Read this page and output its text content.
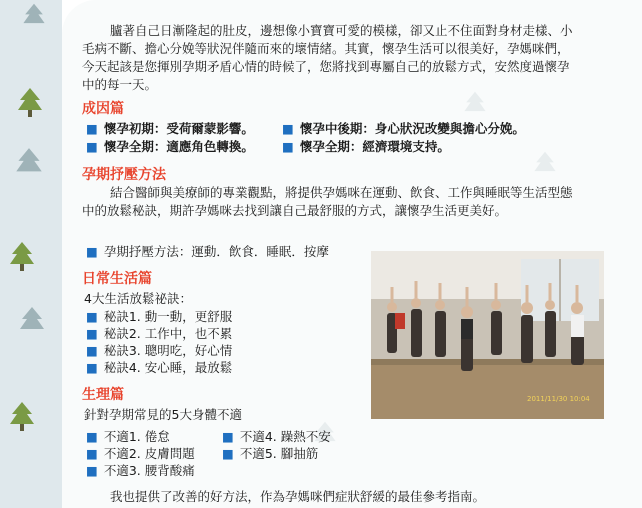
臚著自己日漸隆起的肚皮，邊想像小寶寶可愛的模樣，卻又止不住面對身材走樣、小毛病不斷、擔心分娩等狀況伴隨而來的壞情緒。其實，懷孕生活可以很美好，孕媽咪們，今天起該是您揮別孕期矛盾心情的時候了，您將找到專屬自己的放鬆方式，安然度過懷孕中的每一天。

成因篇
■ 懷孕初期：受荷爾蒙影響。
■ 懷孕全期：適應角色轉換。
■ 懷孕中後期：身心狀況改變與擔心分娩。
■ 懷孕全期：經濟環境支持。
孕期抒壓方法

結合醫師與美療師的專業觀點，將提供孕媽咪在運動、飲食、工作與睡眠等生活型態中的放鬆秘訣，期許孕媽咪去找到讓自己最舒服的方式，讓懷孕生活更美好。

■ 孕期抒壓方法：運動．飲食．睡眠．按摩
日常生活篇
4大生活放鬆祕訣：
■ 秘訣1. 動一動，更舒服
■ 秘訣2. 工作中，也不累
■ 秘訣3. 聰明吃，好心情
■ 秘訣4. 安心睡，最放鬆
生理篇
針對孕期常見的5大身體不適
■ 不適1. 倦怠
■ 不適2. 皮膚問題
■ 不適3. 腰背酸痛
■ 不適4. 躁熱不安
■ 不適5. 腳抽筋
我也提供了改善的好方法，作為孕媽咪們症狀舒緩的最佳參考指南。
2011/11/30 10:04
